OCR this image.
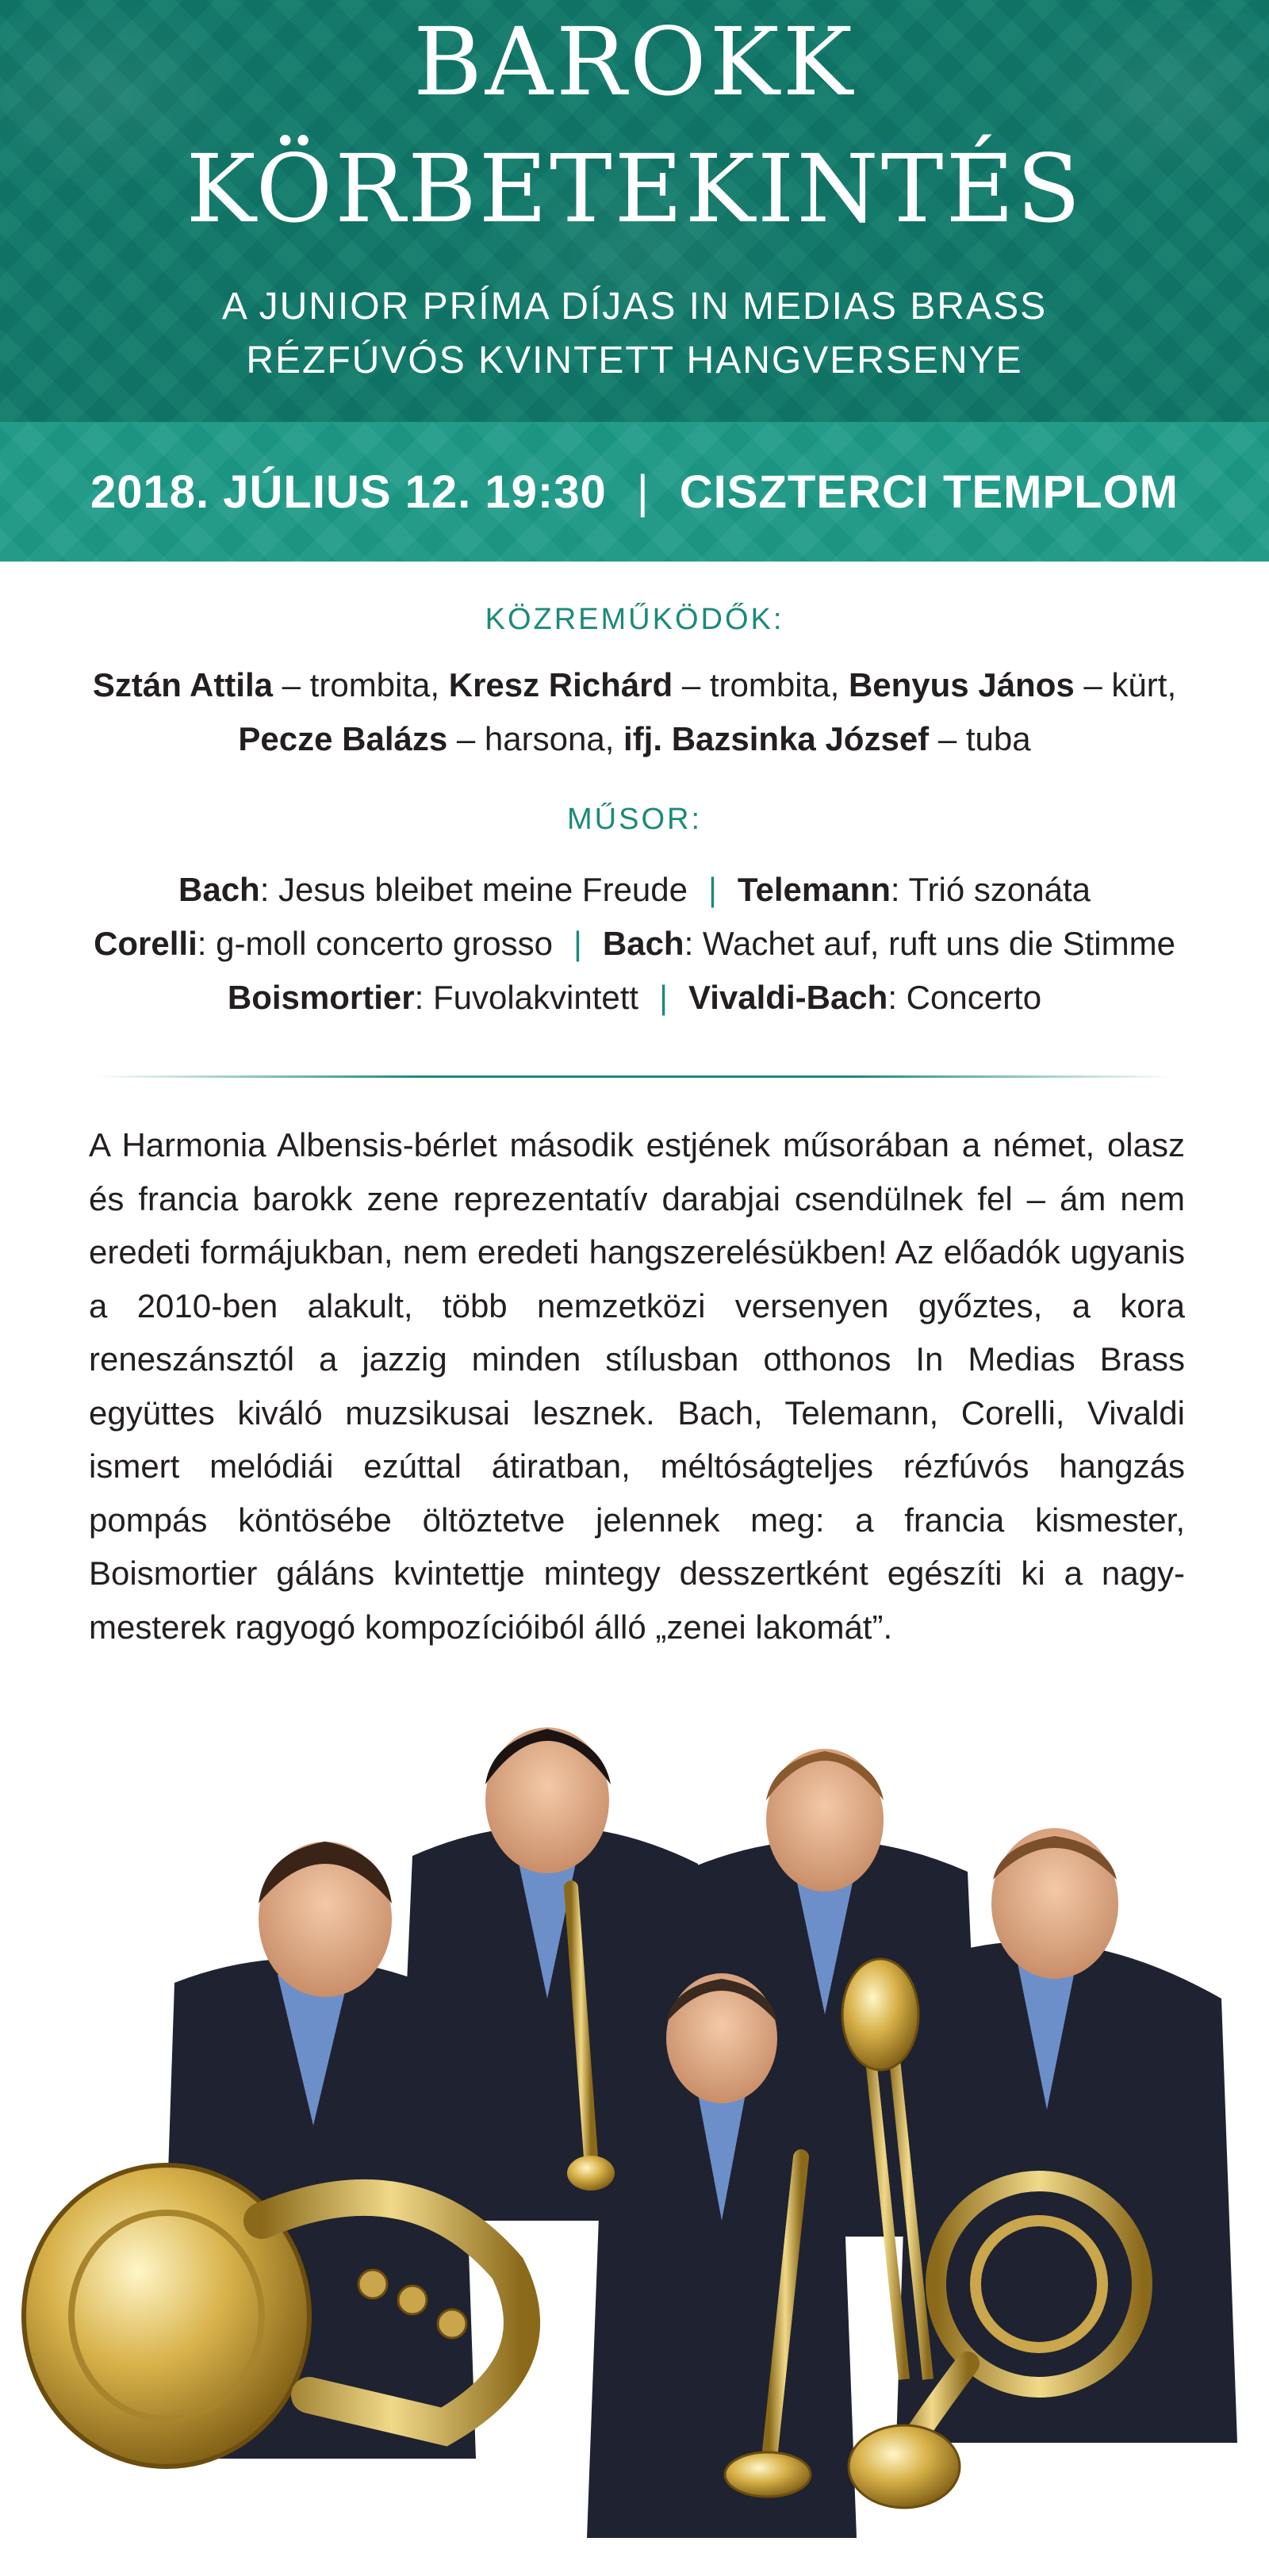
BAROKK
KÖRBETEKINTÉS
A JUNIOR PRÍMA DÍJAS IN MEDIAS BRASS
RÉZFÚVÓS KVINTETT HANGVERSENYE
2018. JÚLIUS 12. 19:30 | CISZTERCI TEMPLOM
KÖZREMŰKÖDŐK:
Sztán Attila – trombita, Kresz Richárd – trombita, Benyus János – kürt,
Pecze Balázs – harsona, ifj. Bazsinka József – tuba
MŰSOR:
Bach: Jesus bleibet meine Freude | Telemann: Trió szonáta
Corelli: g-moll concerto grosso | Bach: Wachet auf, ruft uns die Stimme
Boismortier: Fuvolakvintett | Vivaldi-Bach: Concerto
A Harmonia Albensis-bérlet második estjének műsorában a német, olasz és francia barokk zene reprezentatív darabjai csendülnek fel – ám nem eredeti formájukban, nem eredeti hangszerelésükben! Az előadók ugyanis a 2010-ben alakult, több nemzetközi versenyen győztes, a kora reneszánsztól a jazzig minden stílusban otthonos In Medias Brass együttes kiváló muzsikusai lesznek. Bach, Telemann, Corelli, Vivaldi ismert melódiái ezúttal átiratban, méltóságteljes rézfúvós hangzás pompás köntösébe öltöztetve jelennek meg: a francia kismester, Boismortier gáláns kvintettje mintegy desszertként egészíti ki a nagymesterek ragyogó kompozícióiból álló „zenei lakomát”.
